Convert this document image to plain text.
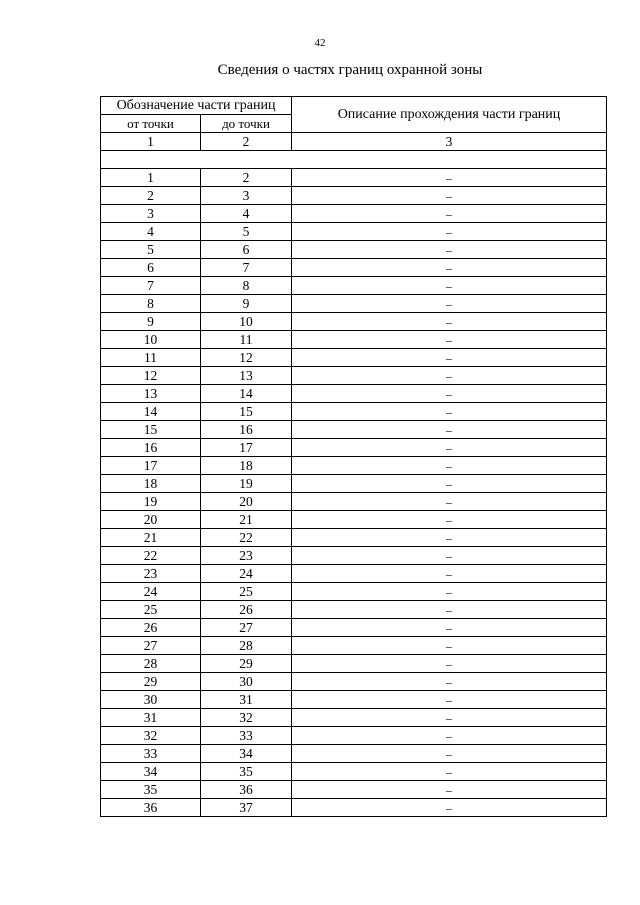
42
Сведения о частях границ охранной зоны
Обозначение части границ		Описание прохождения части границ
от точки	до точки	
1	2	3

1	2	–
2	3	–
3	4	–
4	5	–
5	6	–
6	7	–
7	8	–
8	9	–
9	10	–
10	11	–
11	12	–
12	13	–
13	14	–
14	15	–
15	16	–
16	17	–
17	18	–
18	19	–
19	20	–
20	21	–
21	22	–
22	23	–
23	24	–
24	25	–
25	26	–
26	27	–
27	28	–
28	29	–
29	30	–
30	31	–
31	32	–
32	33	–
33	34	–
34	35	–
35	36	–
36	37	–
